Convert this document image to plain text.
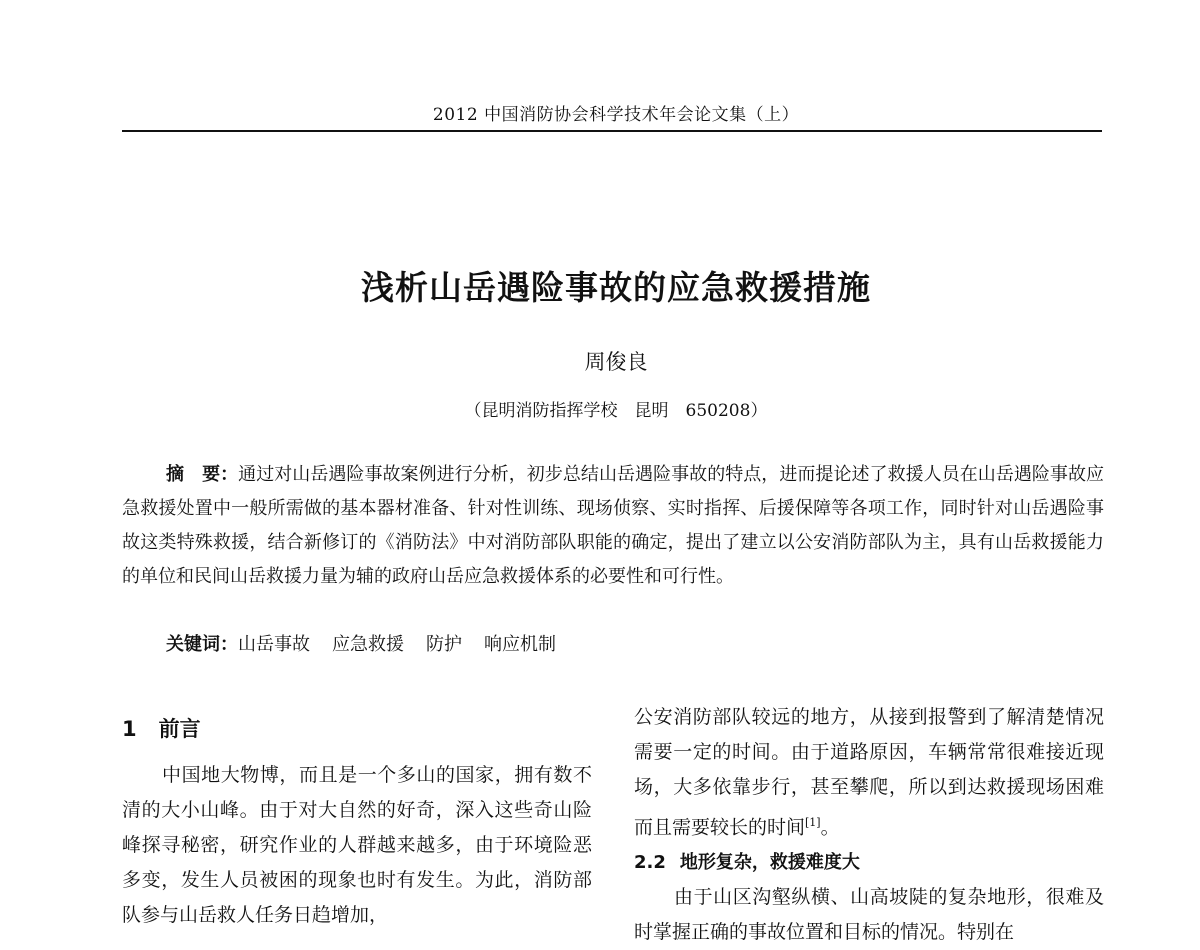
2012 中国消防协会科学技术年会论文集（上）
浅析山岳遇险事故的应急救援措施
周俊良
（昆明消防指挥学校　昆明　650208）

摘　要：通过对山岳遇险事故案例进行分析，初步总结山岳遇险事故的特点，进而提论述了救援人员在山岳遇险事故应急救援处置中一般所需做的基本器材准备、针对性训练、现场侦察、实时指挥、后援保障等各项工作，同时针对山岳遇险事故这类特殊救援，结合新修订的《消防法》中对消防部队职能的确定，提出了建立以公安消防部队为主，具有山岳救援能力的单位和民间山岳救援力量为辅的政府山岳应急救援体系的必要性和可行性。

关键词：山岳事故 应急救援 防护 响应机制

1 前言

中国地大物博，而且是一个多山的国家，拥有数不清的大小山峰。由于对大自然的好奇，深入这些奇山险峰探寻秘密，研究作业的人群越来越多，由于环境险恶多变，发生人员被困的现象也时有发生。为此，消防部队参与山岳救人任务日趋增加，

公安消防部队较远的地方，从接到报警到了解清楚情况需要一定的时间。由于道路原因，车辆常常很难接近现场，大多依靠步行，甚至攀爬，所以到达救援现场困难而且需要较长的时间[1]。

2.2 地形复杂，救援难度大

由于山区沟壑纵横、山高坡陡的复杂地形，很难及时掌握正确的事故位置和目标的情况。特别在
